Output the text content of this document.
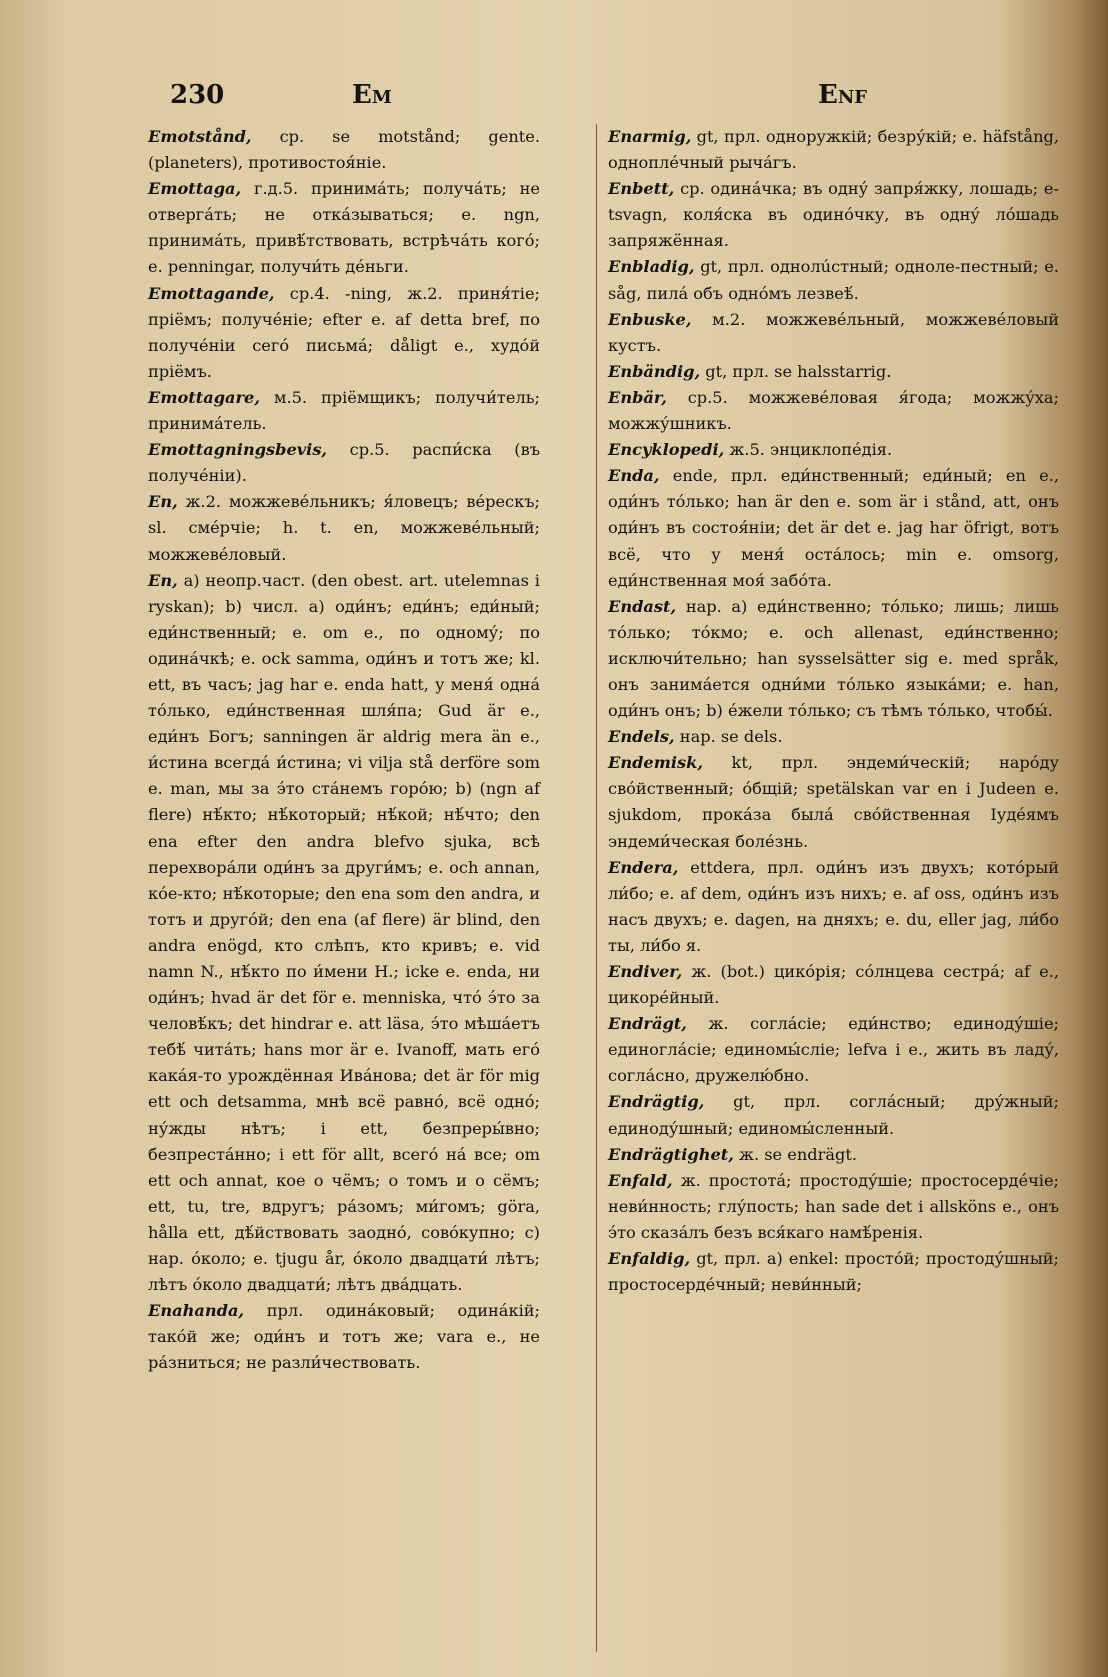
230	Em	Enf

Emotstånd, ср. se motstånd; gente. (planeters), противостоя́ніе.

Emottaga, г.д.5. принима́ть; получа́ть; не отверга́ть; не отка́зываться; e. ngn, принима́ть, привѣ́тствовать, встрѣча́ть кого́; e. penningar, получи́ть де́ньги.

Emottagande, ср.4. -ning, ж.2. приня́тіе; пріёмъ; получе́ніе; efter e. af detta bref, по получе́ніи сего́ письма́; dåligt e., худо́й пріёмъ.

Emottagare, м.5. пріёмщикъ; получи́тель; принима́тель.

Emottagningsbevis, ср.5. распи́ска (въ получе́ніи).

En, ж.2. можжевéльникъ; я́ловецъ; вéрескъ; sl. смéрчіе; h. t. en, можжевéльный; можжевéловый.

En, a) неопр.част. (den obest. art. utelemnas i ryskan); b) числ. a) оди́нъ; еди́нъ; еди́ный; еди́нственный; e. om e., по одному́; по одина́чкѣ; e. ock samma, оди́нъ и тотъ же; kl. ett, въ часъ; jag har e. enda hatt, у меня́ одна́ то́лько, еди́нственная шля́па; Gud är e., еди́нъ Богъ; sanningen är aldrig mera än e., и́стина всегда́ и́стина; vi vilja stå derföre som e. man, мы за э́то ста́немъ горо́ю; b) (ngn af flere) нѣ́кто; нѣ́который; нѣ́кой; нѣ́что; den ena efter den andra blefvo sjuka, всѣ перехвора́ли оди́нъ за други́мъ; e. och annan, ко́е-кто; нѣ́которые; den ena som den andra, и тотъ и друго́й; den ena (af flere) är blind, den andra enögd, кто слѣпъ, кто кривъ; e. vid namn N., нѣ́кто по и́мени Н.; icke e. enda, ни оди́нъ; hvad är det för e. menniska, что́ э́то за человѣ́къ; det hindrar e. att läsa, э́то мѣша́етъ тебѣ́ чита́ть; hans mor är e. Ivanoff, мать его́ кака́я-то урождённая Ива́нова; det är för mig ett och detsamma, мнѣ всё равно́, всё одно́; ну́жды нѣтъ; i ett, безпреры́вно; безпреста́нно; i ett för allt, всего́ на́ все; om ett och annat, кое о чёмъ; о томъ и о сёмъ; ett, tu, tre, вдругъ; ра́зомъ; ми́гомъ; göra, hålla ett, дѣ́йствовать заодно́, сово́купно; c) нар. о́коло; e. tjugu år, о́коло двадцати́ лѣтъ; лѣтъ о́коло двадцати́; лѣтъ два́дцать.

Enahanda, прл. одина́ковый; одина́кій; тако́й же; оди́нъ и тотъ же; vara e., не ра́зниться; не разли́чествовать.

Enarmig, gt, прл. одноружкій; безру́кій; e. häfstång, однопле́чный рыча́гъ.

Enbett, ср. одина́чка; въ одну́ запря́жку, лошадь; e-tsvagn, коля́ска въ одино́чку, въ одну́ ло́шадь запряжённая.

Enbladig, gt, прл. однолúстный; одноле-пестный; e. såg, пила́ объ одно́мъ лезвеѣ́.

Enbuske, м.2. можжевéльный, можжевéловый кустъ.

Enbändig, gt, прл. se halsstarrig.

Enbär, ср.5. можжевéловая я́года; можжу́ха; можжу́шникъ.

Encyklopedi, ж.5. энциклопе́дія.

Enda, ende, прл. еди́нственный; еди́ный; en e., оди́нъ то́лько; han är den e. som är i stånd, att, онъ оди́нъ въ состоя́ніи; det är det e. jag har öfrigt, вотъ всё, что у меня́ оста́лось; min e. omsorg, еди́нственная моя́ забо́та.

Endast, нар. a) еди́нственно; то́лько; лишь; лишь то́лько; то́кмо; e. och allenast, еди́нственно; исключи́тельно; han sysselsätter sig e. med språk, онъ занима́ется одни́ми то́лько языка́ми; e. han, оди́нъ онъ; b) е́жели то́лько; съ тѣмъ то́лько, чтобы́.

Endels, нар. se dels.

Endemisk, kt, прл. эндеми́ческій; наро́ду сво́йственный; о́бщій; spetälskan var en i Judeen e. sjukdom, прока́за была́ сво́йственная Іуде́ямъ эндеми́ческая боле́знь.

Endera, ettdera, прл. оди́нъ изъ двухъ; кото́рый ли́бо; e. af dem, оди́нъ изъ нихъ; e. af oss, оди́нъ изъ насъ двухъ; e. dagen, на дняхъ; e. du, eller jag, ли́бо ты, ли́бо я.

Endiver, ж. (bot.) цико́рія; со́лнцева сестра́; af e., цикоре́йный.

Endrägt, ж. согла́сіе; еди́нство; единоду́шіе; единогла́сіе; единомы́сліе; lefva i e., жить въ ладу́, согла́сно, дружелю́бно.

Endrägtig, gt, прл. согла́сный; дру́жный; единоду́шный; единомы́сленный.

Endrägtighet, ж. se endrägt.

Enfald, ж. простота́; простоду́шіе; простосерде́чіе; неви́нность; глу́пость; han sade det i allsköns e., онъ э́то сказа́лъ безъ вся́каго намѣ́ренія.

Enfaldig, gt, прл. a) enkel: просто́й; простоду́шный; простосерде́чный; неви́нный;
